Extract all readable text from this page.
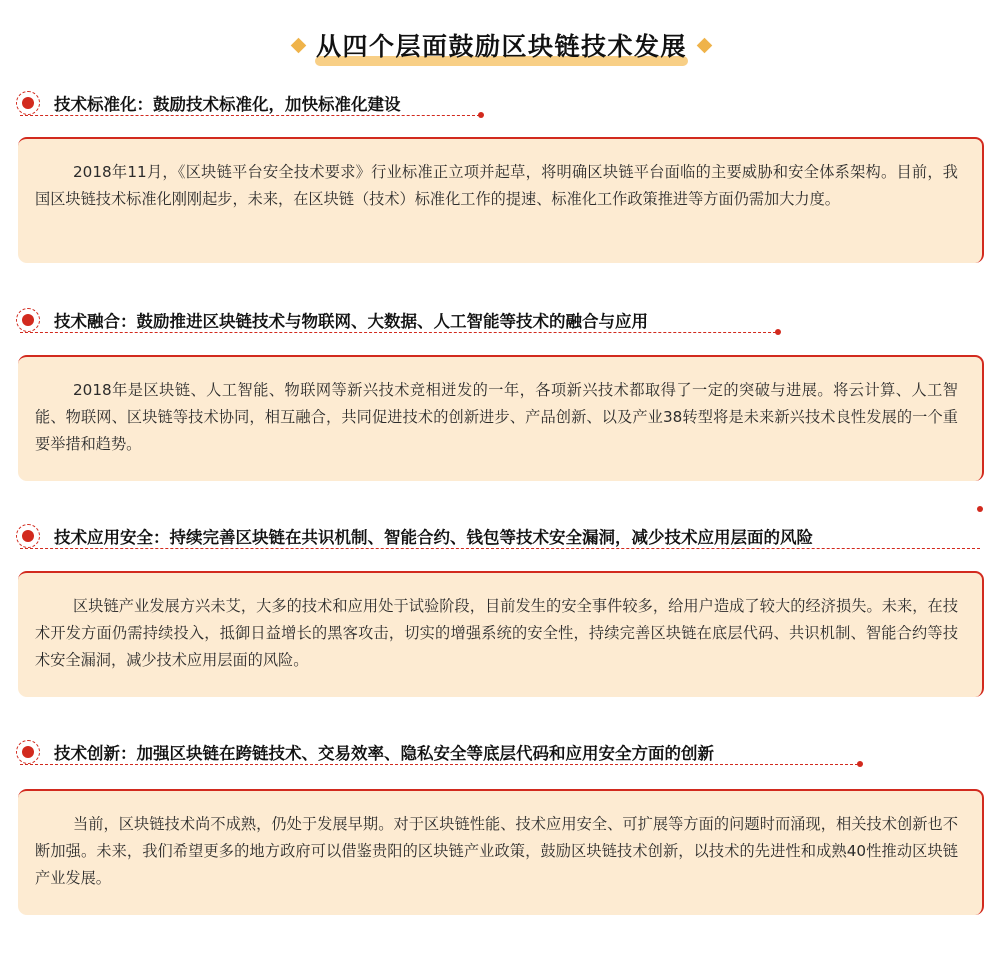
从四个层面鼓励区块链技术发展
技术标准化：鼓励技术标准化，加快标准化建设
2018年11月，《区块链平台安全技术要求》行业标准正立项并起草，将明确区块链平台面临的主要威胁和安全体系架构。目前，我国区块链技术标准化刚刚起步，未来，在区块链（技术）标准化工作的提速、标准化工作政策推进等方面仍需加大力度。
技术融合：鼓励推进区块链技术与物联网、大数据、人工智能等技术的融合与应用
2018年是区块链、人工智能、物联网等新兴技术竞相迸发的一年，各项新兴技术都取得了一定的突破与进展。将云计算、人工智能、物联网、区块链等技术协同，相互融合，共同促进技术的创新进步、产品创新、以及产业38转型将是未来新兴技术良性发展的一个重要举措和趋势。
技术应用安全：持续完善区块链在共识机制、智能合约、钱包等技术安全漏洞，减少技术应用层面的风险
区块链产业发展方兴未艾，大多的技术和应用处于试验阶段，目前发生的安全事件较多，给用户造成了较大的经济损失。未来，在技术开发方面仍需持续投入，抵御日益增长的黑客攻击，切实的增强系统的安全性，持续完善区块链在底层代码、共识机制、智能合约等技术安全漏洞，减少技术应用层面的风险。
技术创新：加强区块链在跨链技术、交易效率、隐私安全等底层代码和应用安全方面的创新
当前，区块链技术尚不成熟，仍处于发展早期。对于区块链性能、技术应用安全、可扩展等方面的问题时而涌现，相关技术创新也不断加强。未来，我们希望更多的地方政府可以借鉴贵阳的区块链产业政策，鼓励区块链技术创新，以技术的先进性和成熟40性推动区块链产业发展。
